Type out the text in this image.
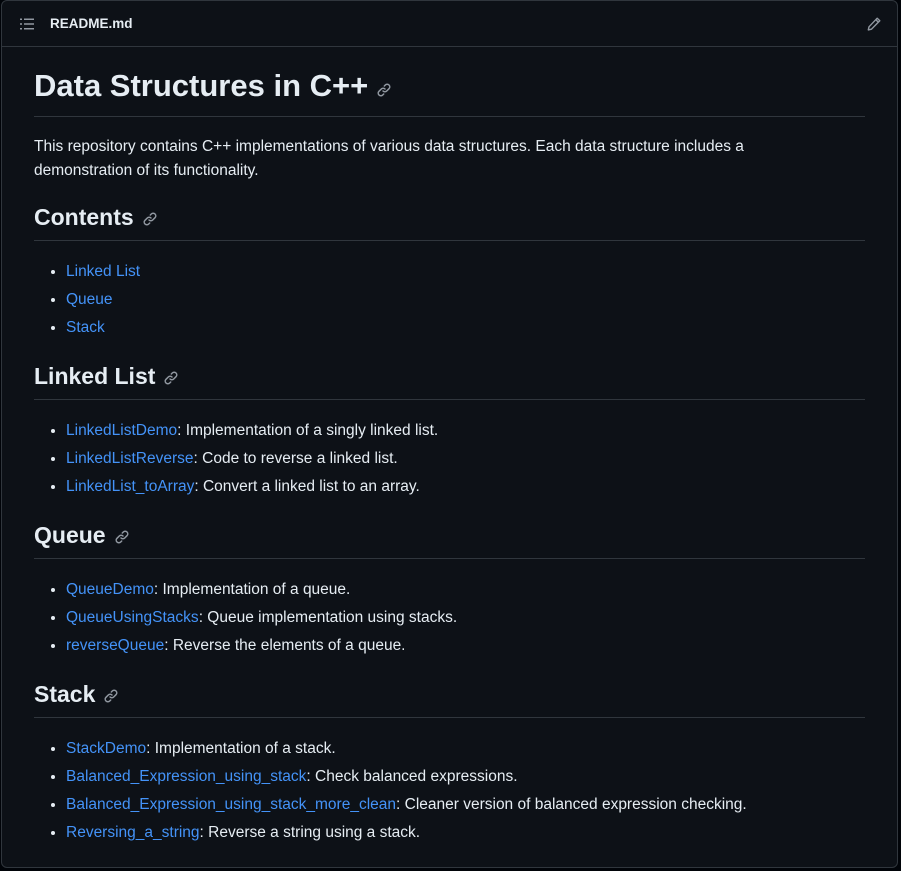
README.md
Data Structures in C++

This repository contains C++ implementations of various data structures. Each data structure includes a demonstration of its functionality.

Contents
• Linked List
• Queue
• Stack
Linked List
• LinkedListDemo: Implementation of a singly linked list.
• LinkedListReverse: Code to reverse a linked list.
• LinkedList_toArray: Convert a linked list to an array.
Queue
• QueueDemo: Implementation of a queue.
• QueueUsingStacks: Queue implementation using stacks.
• reverseQueue: Reverse the elements of a queue.
Stack
• StackDemo: Implementation of a stack.
• Balanced_Expression_using_stack: Check balanced expressions.
• Balanced_Expression_using_stack_more_clean: Cleaner version of balanced expression checking.
• Reversing_a_string: Reverse a string using a stack.
